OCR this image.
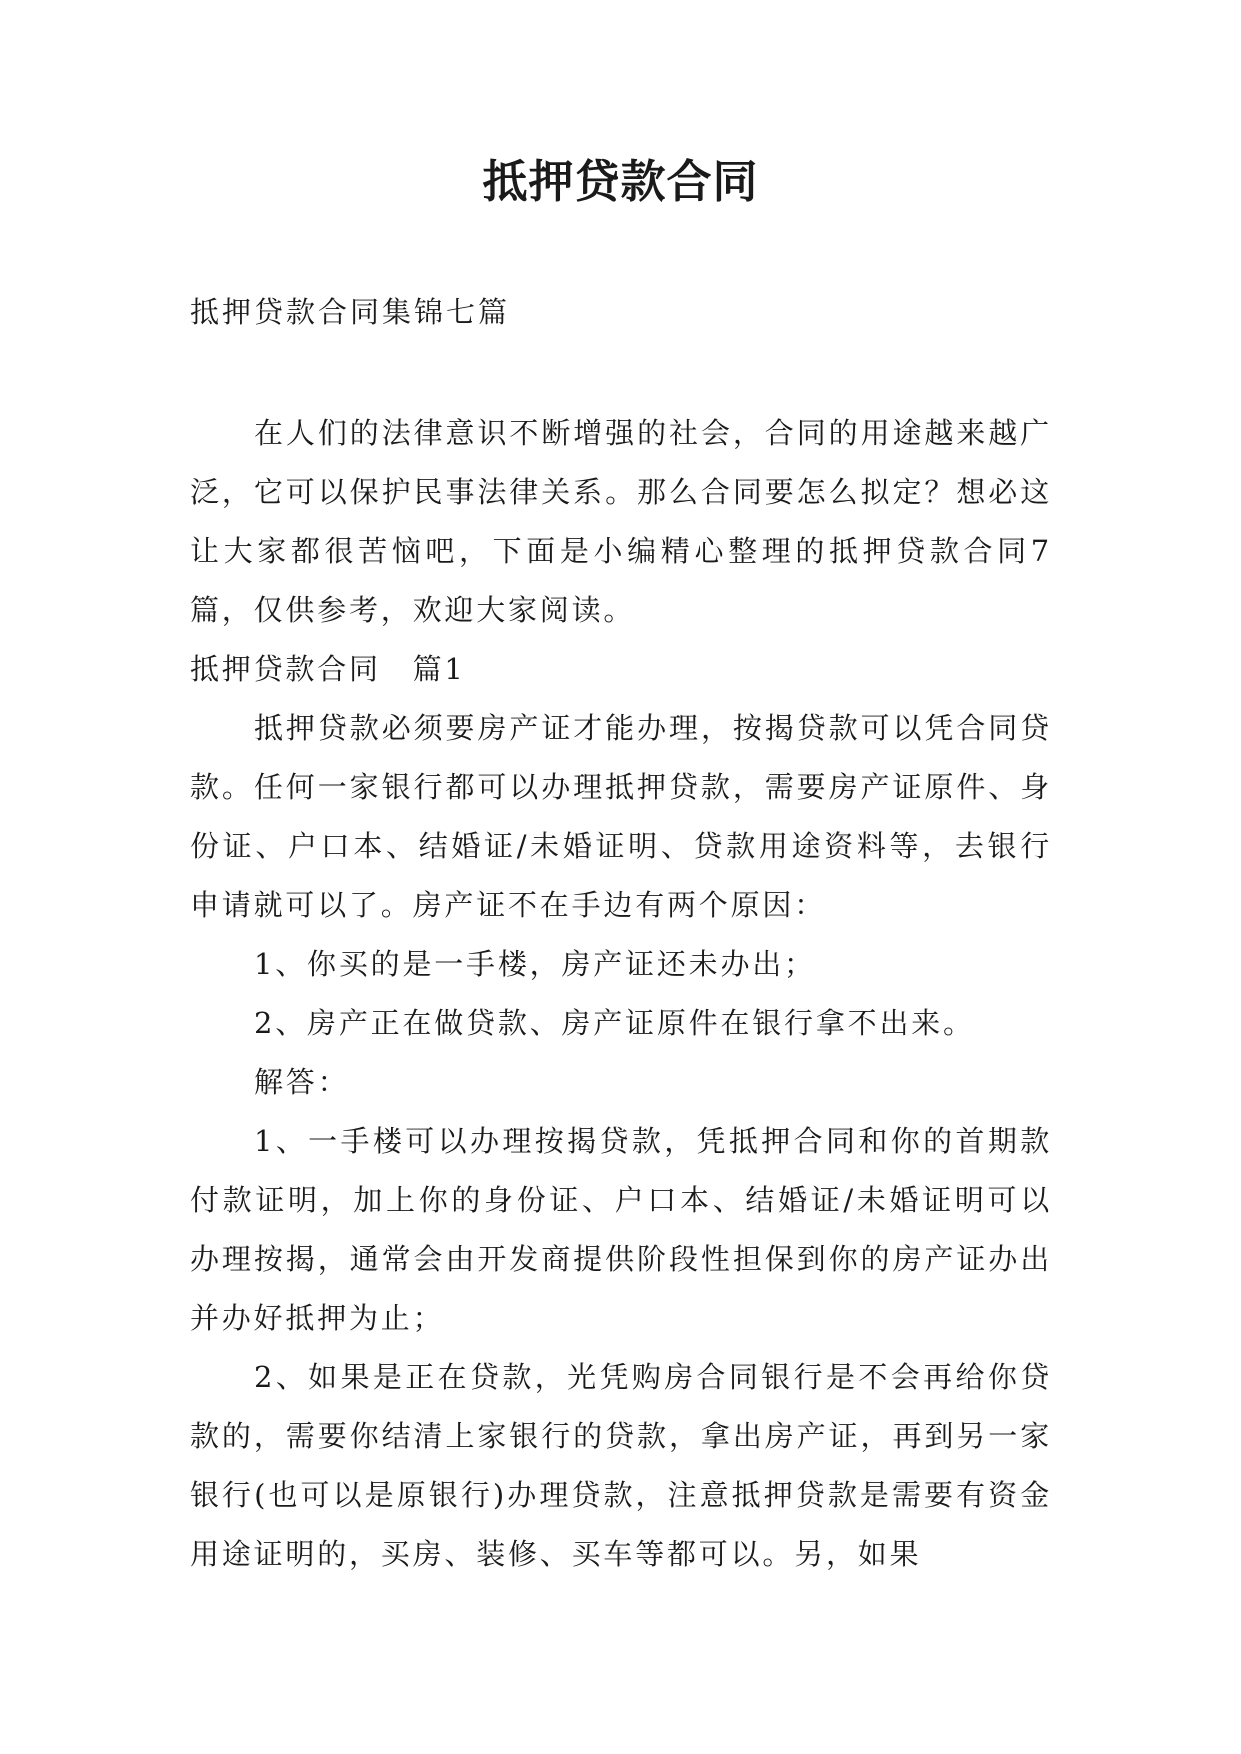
抵押贷款合同
抵押贷款合同集锦七篇

在人们的法律意识不断增强的社会，合同的用途越来越广泛，它可以保护民事法律关系。那么合同要怎么拟定？想必这让大家都很苦恼吧，下面是小编精心整理的抵押贷款合同7篇，仅供参考，欢迎大家阅读。

抵押贷款合同　篇1

抵押贷款必须要房产证才能办理，按揭贷款可以凭合同贷款。任何一家银行都可以办理抵押贷款，需要房产证原件、身份证、户口本、结婚证/未婚证明、贷款用途资料等，去银行申请就可以了。房产证不在手边有两个原因：

1、你买的是一手楼，房产证还未办出；

2、房产正在做贷款、房产证原件在银行拿不出来。

解答：

1、一手楼可以办理按揭贷款，凭抵押合同和你的首期款付款证明，加上你的身份证、户口本、结婚证/未婚证明可以办理按揭，通常会由开发商提供阶段性担保到你的房产证办出并办好抵押为止；

2、如果是正在贷款，光凭购房合同银行是不会再给你贷款的，需要你结清上家银行的贷款，拿出房产证，再到另一家银行(也可以是原银行)办理贷款，注意抵押贷款是需要有资金用途证明的，买房、装修、买车等都可以。另，如果
